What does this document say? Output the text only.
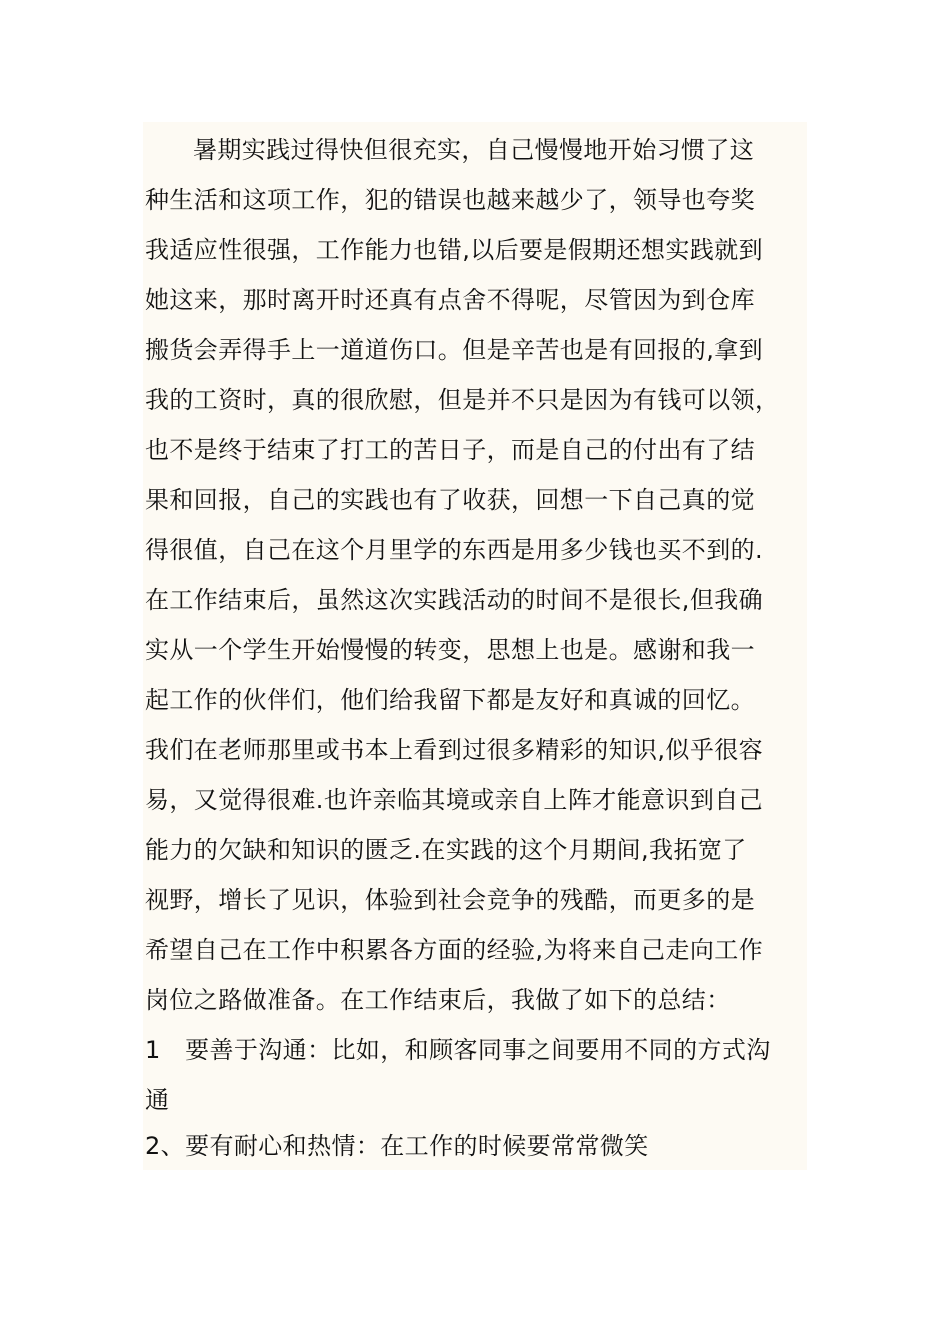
暑期实践过得快但很充实，自己慢慢地开始习惯了这
种生活和这项工作，犯的错误也越来越少了，领导也夸奖
我适应性很强，工作能力也错,以后要是假期还想实践就到
她这来，那时离开时还真有点舍不得呢，尽管因为到仓库
搬货会弄得手上一道道伤口。但是辛苦也是有回报的,拿到
我的工资时，真的很欣慰，但是并不只是因为有钱可以领，
也不是终于结束了打工的苦日子，而是自己的付出有了结
果和回报，自己的实践也有了收获，回想一下自己真的觉
得很值，自己在这个月里学的东西是用多少钱也买不到的.
在工作结束后，虽然这次实践活动的时间不是很长,但我确
实从一个学生开始慢慢的转变，思想上也是。感谢和我一
起工作的伙伴们，他们给我留下都是友好和真诚的回忆。
我们在老师那里或书本上看到过很多精彩的知识,似乎很容
易，又觉得很难.也许亲临其境或亲自上阵才能意识到自己
能力的欠缺和知识的匮乏.在实践的这个月期间,我拓宽了
视野，增长了见识，体验到社会竞争的残酷，而更多的是
希望自己在工作中积累各方面的经验,为将来自己走向工作
岗位之路做准备。在工作结束后，我做了如下的总结：
1　要善于沟通：比如，和顾客同事之间要用不同的方式沟
通
2、要有耐心和热情：在工作的时候要常常微笑
